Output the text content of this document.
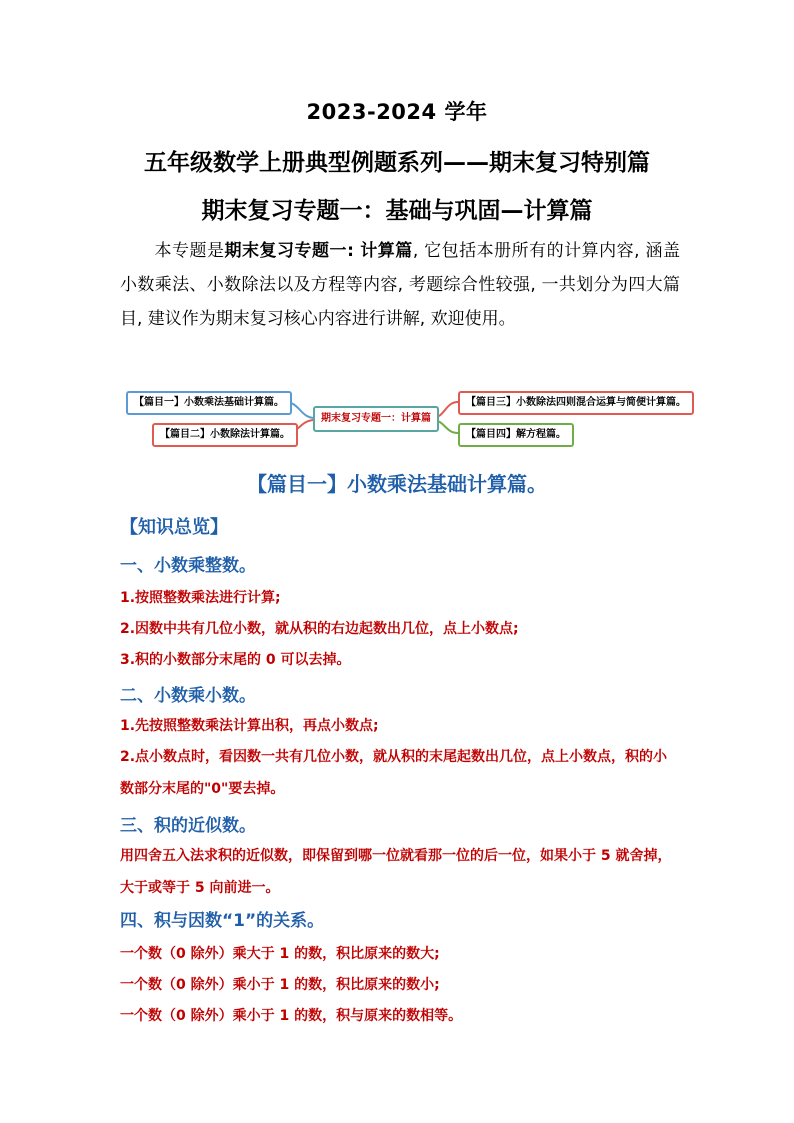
2023-2024 学年
五年级数学上册典型例题系列——期末复习特别篇
期末复习专题一：基础与巩固—计算篇
本专题是期末复习专题一: 计算篇, 它包括本册所有的计算内容, 涵盖小数乘法、小数除法以及方程等内容, 考题综合性较强, 一共划分为四大篇目, 建议作为期末复习核心内容进行讲解, 欢迎使用。
【篇目一】小数乘法基础计算篇。
【篇目二】小数除法计算篇。
期末复习专题一：计算篇
【篇目三】小数除法四则混合运算与简便计算篇。
【篇目四】解方程篇。
【篇目一】小数乘法基础计算篇。
【知识总览】
一、小数乘整数。
1.按照整数乘法进行计算;
2.因数中共有几位小数，就从积的右边起数出几位，点上小数点;
3.积的小数部分末尾的 0 可以去掉。
二、小数乘小数。
1.先按照整数乘法计算出积，再点小数点;
2.点小数点时，看因数一共有几位小数，就从积的末尾起数出几位，点上小数点，积的小数部分末尾的"0"要去掉。
三、积的近似数。
用四舍五入法求积的近似数，即保留到哪一位就看那一位的后一位，如果小于 5 就舍掉，大于或等于 5 向前进一。
四、积与因数“1”的关系。
一个数（0 除外）乘大于 1 的数，积比原来的数大;
一个数（0 除外）乘小于 1 的数，积比原来的数小;
一个数（0 除外）乘小于 1 的数，积与原来的数相等。
